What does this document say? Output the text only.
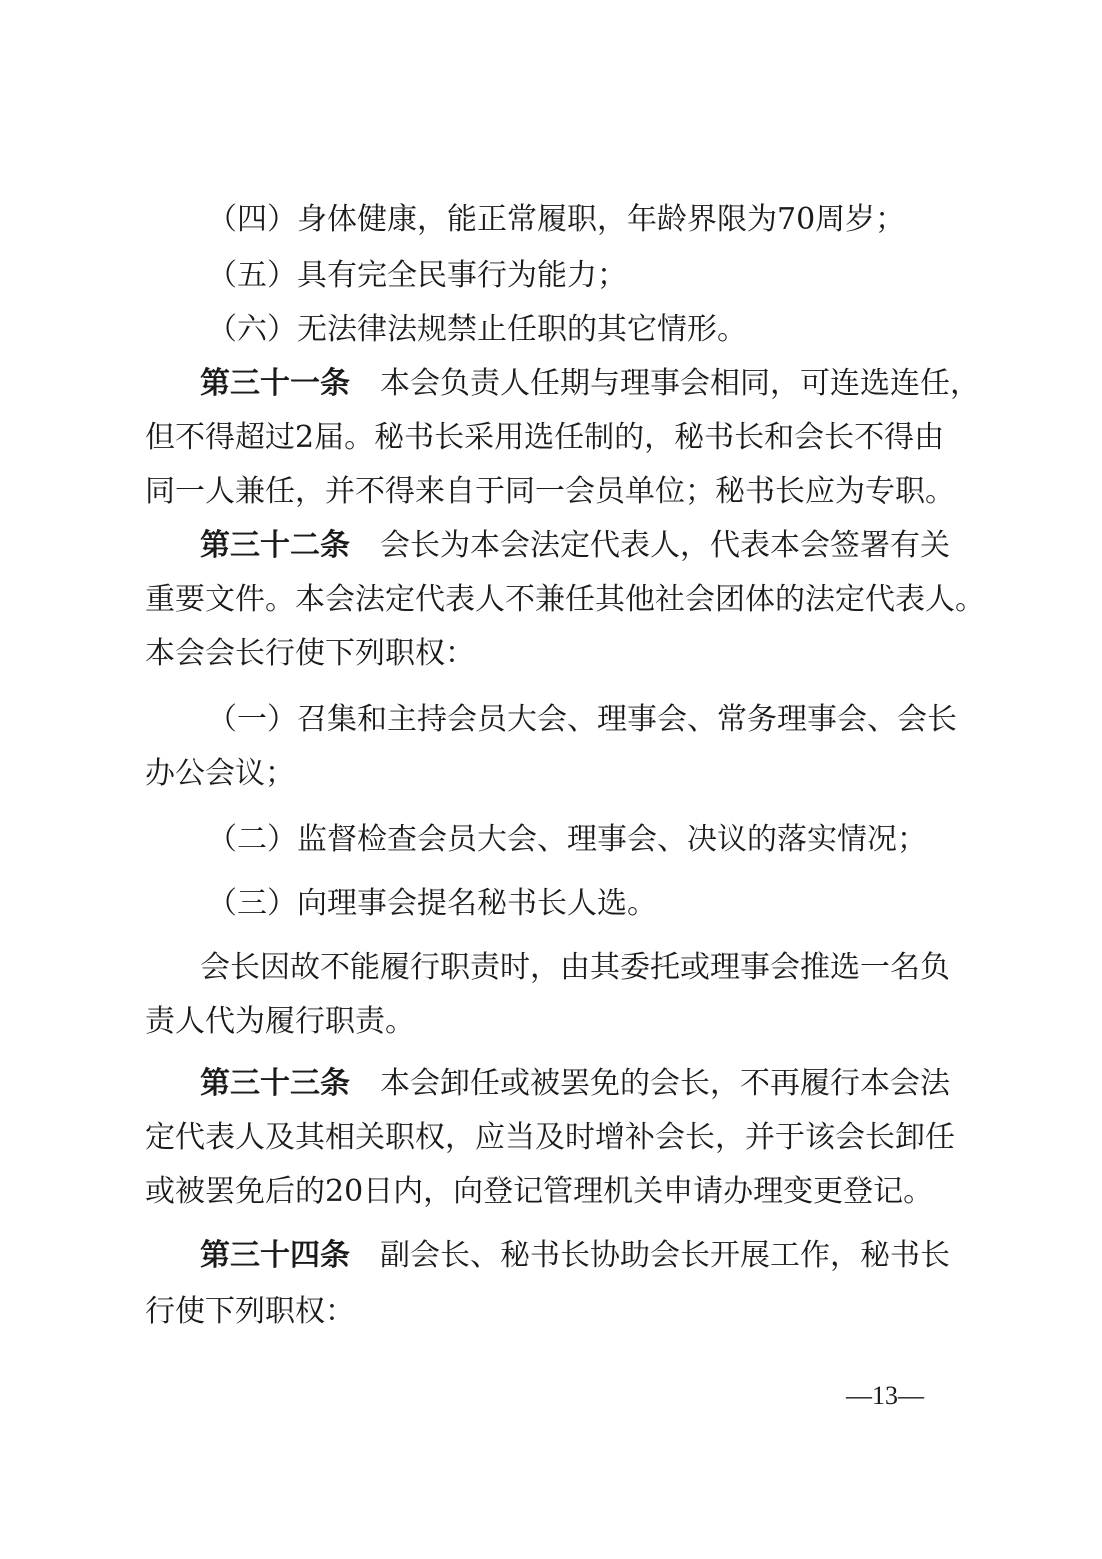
（四）身体健康，能正常履职，年龄界限为70周岁；
（五）具有完全民事行为能力；
（六）无法律法规禁止任职的其它情形。
第三十一条 本会负责人任期与理事会相同，可连选连任，
但不得超过2届。秘书长采用选任制的，秘书长和会长不得由
同一人兼任，并不得来自于同一会员单位；秘书长应为专职。
第三十二条 会长为本会法定代表人，代表本会签署有关
重要文件。本会法定代表人不兼任其他社会团体的法定代表人。
本会会长行使下列职权：
（一）召集和主持会员大会、理事会、常务理事会、会长
办公会议；
（二）监督检查会员大会、理事会、决议的落实情况；
（三）向理事会提名秘书长人选。
会长因故不能履行职责时，由其委托或理事会推选一名负
责人代为履行职责。
第三十三条 本会卸任或被罢免的会长，不再履行本会法
定代表人及其相关职权，应当及时增补会长，并于该会长卸任
或被罢免后的20日内，向登记管理机关申请办理变更登记。
第三十四条 副会长、秘书长协助会长开展工作，秘书长
行使下列职权：
—13—
